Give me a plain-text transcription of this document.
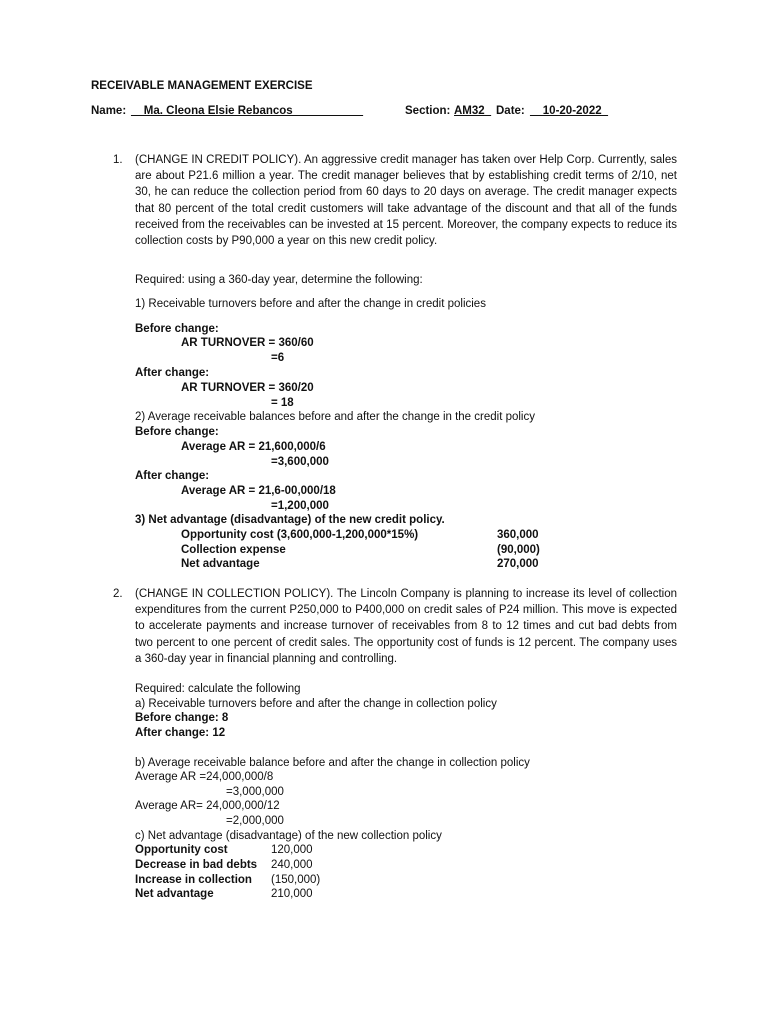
RECEIVABLE MANAGEMENT EXERCISE
Name: __Ma. Cleona Elsie Rebancos___________	Section: AM32_ Date: __10-20-2022_
1. (CHANGE IN CREDIT POLICY). An aggressive credit manager has taken over Help Corp. Currently, sales are about P21.6 million a year. The credit manager believes that by establishing credit terms of 2/10, net 30, he can reduce the collection period from 60 days to 20 days on average. The credit manager expects that 80 percent of the total credit customers will take advantage of the discount and that all of the funds received from the receivables can be invested at 15 percent. Moreover, the company expects to reduce its collection costs by P90,000 a year on this new credit policy.
Required: using a 360-day year, determine the following:
1) Receivable turnovers before and after the change in credit policies
Before change:
AR TURNOVER = 360/60
=6
After change:
AR TURNOVER = 360/20
= 18
2) Average receivable balances before and after the change in the credit policy
Before change:
Average AR = 21,600,000/6
=3,600,000
After change:
Average AR = 21,6-00,000/18
=1,200,000
3) Net advantage (disadvantage) of the new credit policy.
Opportunity cost (3,600,000-1,200,000*15%)	360,000
Collection expense	(90,000)
Net advantage	270,000
2. (CHANGE IN COLLECTION POLICY). The Lincoln Company is planning to increase its level of collection expenditures from the current P250,000 to P400,000 on credit sales of P24 million. This move is expected to accelerate payments and increase turnover of receivables from 8 to 12 times and cut bad debts from two percent to one percent of credit sales. The opportunity cost of funds is 12 percent. The company uses a 360-day year in financial planning and controlling.
Required: calculate the following
a) Receivable turnovers before and after the change in collection policy
Before change: 8
After change: 12
b) Average receivable balance before and after the change in collection policy
Average AR =24,000,000/8
=3,000,000
Average AR= 24,000,000/12
=2,000,000
c) Net advantage (disadvantage) of the new collection policy
Opportunity cost	120,000
Decrease in bad debts 240,000
Increase in collection (150,000)
Net advantage	210,000
